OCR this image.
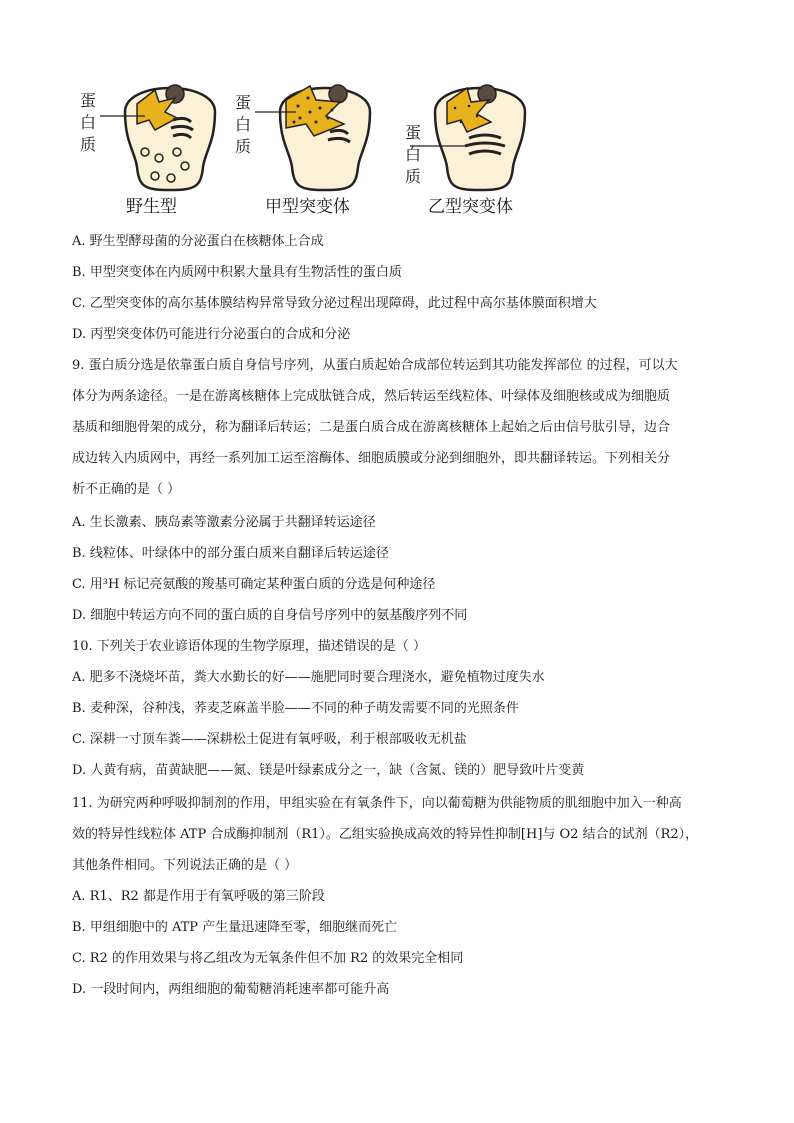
蛋白质
蛋白质
蛋白质
野生型	甲型突变体	乙型突变体
A. 野生型酵母菌的分泌蛋白在核糖体上合成
B. 甲型突变体在内质网中积累大量具有生物活性的蛋白质
C. 乙型突变体的高尔基体膜结构异常导致分泌过程出现障碍，此过程中高尔基体膜面积增大
D. 丙型突变体仍可能进行分泌蛋白的合成和分泌
9. 蛋白质分选是依靠蛋白质自身信号序列，从蛋白质起始合成部位转运到其功能发挥部位 的过程，可以大
体分为两条途径。一是在游离核糖体上完成肽链合成，然后转运至线粒体、叶绿体及细胞核或成为细胞质
基质和细胞骨架的成分，称为翻译后转运；二是蛋白质合成在游离核糖体上起始之后由信号肽引导，边合
成边转入内质网中，再经一系列加工运至溶酶体、细胞质膜或分泌到细胞外，即共翻译转运。下列相关分
析不正确的是（ ）
A. 生长激素、胰岛素等激素分泌属于共翻译转运途径
B. 线粒体、叶绿体中的部分蛋白质来自翻译后转运途径
C. 用³H 标记亮氨酸的羧基可确定某种蛋白质的分选是何种途径
D. 细胞中转运方向不同的蛋白质的自身信号序列中的氨基酸序列不同
10. 下列关于农业谚语体现的生物学原理，描述错误的是（ ）
A. 肥多不浇烧坏苗，粪大水勤长的好——施肥同时要合理浇水，避免植物过度失水
B. 麦种深，谷种浅，荞麦芝麻盖半脸——不同的种子萌发需要不同的光照条件
C. 深耕一寸顶车粪——深耕松土促进有氧呼吸，利于根部吸收无机盐
D. 人黄有病，苗黄缺肥——氮、镁是叶绿素成分之一，缺（含氮、镁的）肥导致叶片变黄
11. 为研究两种呼吸抑制剂的作用，甲组实验在有氧条件下，向以葡萄糖为供能物质的肌细胞中加入一种高
效的特异性线粒体 ATP 合成酶抑制剂（R1）。乙组实验换成高效的特异性抑制[H]与 O2 结合的试剂（R2），
其他条件相同。下列说法正确的是（ ）
A. R1、R2 都是作用于有氧呼吸的第三阶段
B. 甲组细胞中的 ATP 产生量迅速降至零，细胞继而死亡
C. R2 的作用效果与将乙组改为无氧条件但不加 R2 的效果完全相同
D. 一段时间内，两组细胞的葡萄糖消耗速率都可能升高
